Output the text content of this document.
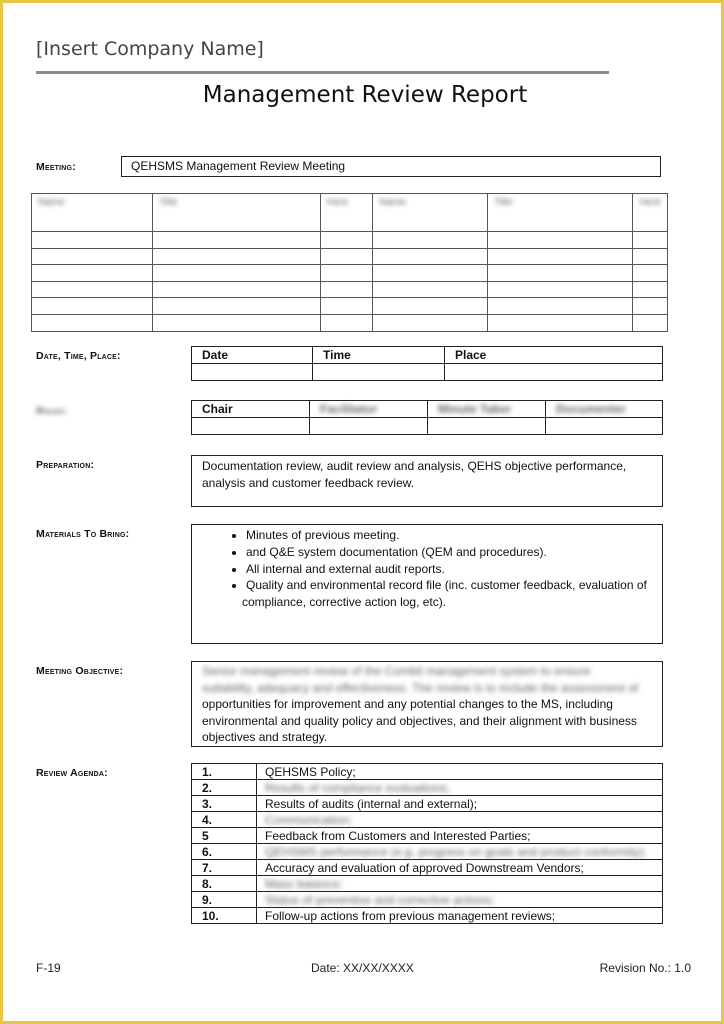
[Insert Company Name]
Management Review Report
Meeting:	QEHSMS Management Review Meeting
Name	Title	Here	Name	Title	Here

Date, Time, Place:	Date	Time	Place

Roles:	Chair	Facilitator	Minute Taker	Documenter

Preparation:	Documentation review, audit review and analysis, QEHS objective performance, analysis and customer feedback review.
Materials To Bring:	• Minutes of previous meeting.
• and Q&E system documentation (QEM and procedures).
• All internal and external audit reports.
• Quality and environmental record file (inc. customer feedback, evaluation of
compliance, corrective action log, etc).
Meeting Objective:	Senior management review of the Combit management system to ensure
suitability, adequacy and effectiveness. The review is to include the assessment of
opportunities for improvement and any potential changes to the MS, including environmental and quality policy and objectives, and their alignment with business objectives and strategy.
Review Agenda:	1.	QEHSMS Policy;
2.	Results of compliance evaluations;
3.	Results of audits (internal and external);
4.	Communication;
5	Feedback from Customers and Interested Parties;
6.	QEHSMS performance (e.g. progress on goals and product conformity);
7.	Accuracy and evaluation of approved Downstream Vendors;
8.	Mass balance;
9.	Status of preventive and corrective actions;
10.	Follow-up actions from previous management reviews;
F-19	Date: XX/XX/XXXX	Revision No.: 1.0
